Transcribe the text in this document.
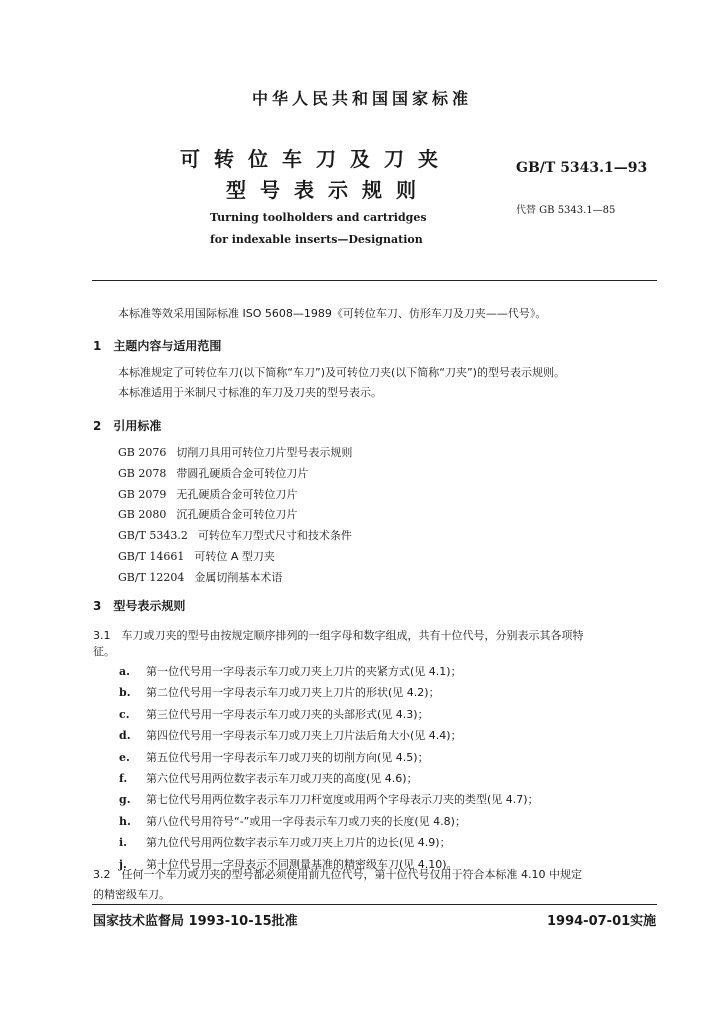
中华人民共和国国家标准
可转位车刀及刀夹
型号表示规则
GB/T 5343.1—93
代替 GB 5343.1—85
Turning toolholders and cartridges
for indexable inserts—Designation
本标准等效采用国际标准 ISO 5608—1989《可转位车刀、仿形车刀及刀夹——代号》。
1　主题内容与适用范围
本标准规定了可转位车刀(以下简称“车刀”)及可转位刀夹(以下简称“刀夹”)的型号表示规则。
本标准适用于米制尺寸标准的车刀及刀夹的型号表示。
2　引用标准
GB 2076 切削刀具用可转位刀片型号表示规则
GB 2078 带圆孔硬质合金可转位刀片
GB 2079 无孔硬质合金可转位刀片
GB 2080 沉孔硬质合金可转位刀片
GB/T 5343.2 可转位车刀型式尺寸和技术条件
GB/T 14661 可转位 A 型刀夹
GB/T 12204 金属切削基本术语
3　型号表示规则
3.1　车刀或刀夹的型号由按规定顺序排列的一组字母和数字组成，共有十位代号，分别表示其各项特
征。
a. 第一位代号用一字母表示车刀或刀夹上刀片的夹紧方式(见 4.1)；
b. 第二位代号用一字母表示车刀或刀夹上刀片的形状(见 4.2)；
c. 第三位代号用一字母表示车刀或刀夹的头部形式(见 4.3)；
d. 第四位代号用一字母表示车刀或刀夹上刀片法后角大小(见 4.4)；
e. 第五位代号用一字母表示车刀或刀夹的切削方向(见 4.5)；
f. 第六位代号用两位数字表示车刀或刀夹的高度(见 4.6)；
g. 第七位代号用两位数字表示车刀刀杆宽度或用两个字母表示刀夹的类型(见 4.7)；
h. 第八位代号用符号“-”或用一字母表示车刀或刀夹的长度(见 4.8)；
i. 第九位代号用两位数字表示车刀或刀夹上刀片的边长(见 4.9)；
j. 第十位代号用一字母表示不同测量基准的精密级车刀(见 4.10)。
3.2　任何一个车刀或刀夹的型号都必须使用前九位代号，第十位代号仅用于符合本标准 4.10 中规定
的精密级车刀。
国家技术监督局 1993-10-15批准	1994-07-01实施
